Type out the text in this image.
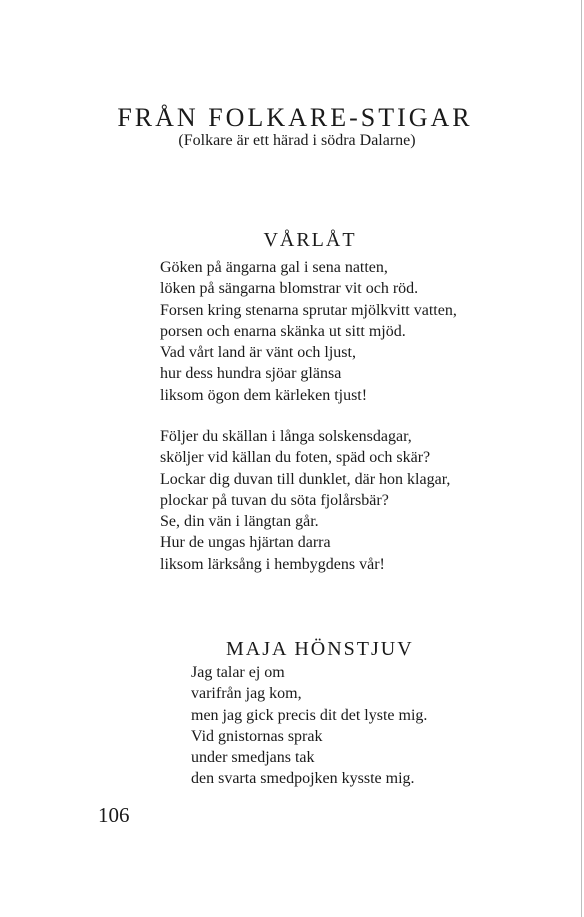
FRÅN FOLKARE-STIGAR
(Folkare är ett härad i södra Dalarne)
VÅRLÅT
Göken på ängarna gal i sena natten,
löken på sängarna blomstrar vit och röd.
Forsen kring stenarna sprutar mjölkvitt vatten,
porsen och enarna skänka ut sitt mjöd.
Vad vårt land är vänt och ljust,
hur dess hundra sjöar glänsa
liksom ögon dem kärleken tjust!
Följer du skällan i långa solskensdagar,
sköljer vid källan du foten, späd och skär?
Lockar dig duvan till dunklet, där hon klagar,
plockar på tuvan du söta fjolårsbär?
Se, din vän i längtan går.
Hur de ungas hjärtan darra
liksom lärksång i hembygdens vår!
MAJA HÖNSTJUV
Jag talar ej om
varifrån jag kom,
men jag gick precis dit det lyste mig.
Vid gnistornas sprak
under smedjans tak
den svarta smedpojken kysste mig.
106
